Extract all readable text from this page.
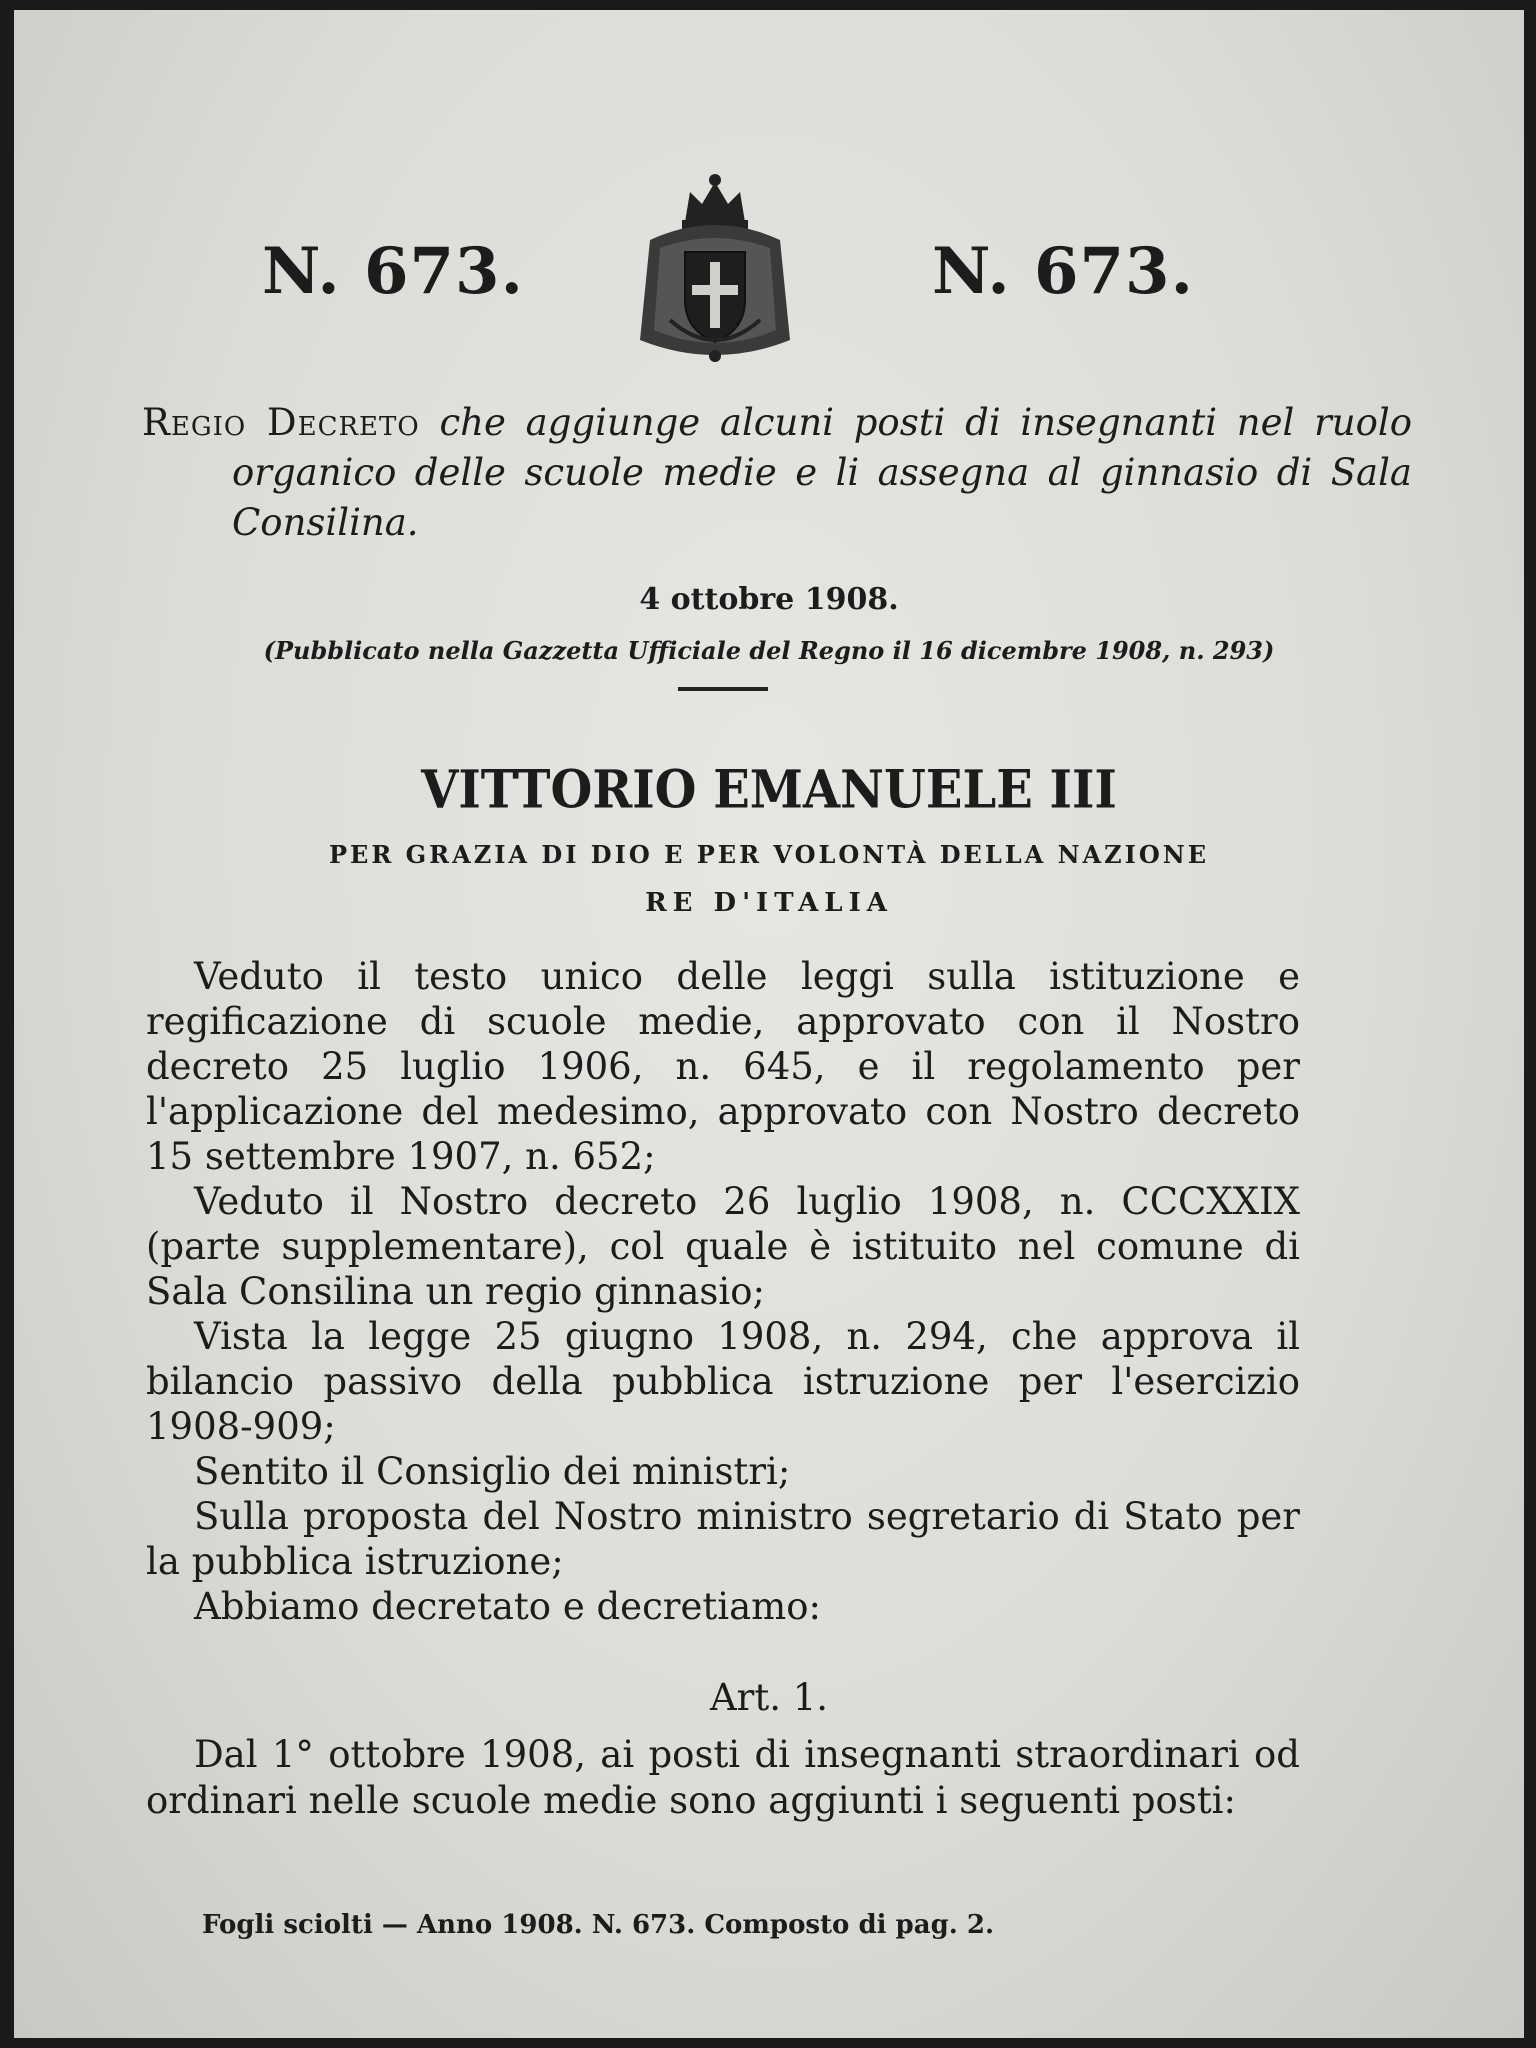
N. 673.	N. 673.
Regio Decreto che aggiunge alcuni posti di insegnanti nel ruolo organico delle scuole medie e li assegna al ginnasio di Sala Consilina.
4 ottobre 1908.
(Pubblicato nella Gazzetta Ufficiale del Regno il 16 dicembre 1908, n. 293)
VITTORIO EMANUELE III
PER GRAZIA DI DIO E PER VOLONTÀ DELLA NAZIONE
RE D'ITALIA

Veduto il testo unico delle leggi sulla istituzione e regificazione di scuole medie, approvato con il Nostro decreto 25 luglio 1906, n. 645, e il regolamento per l'applicazione del medesimo, approvato con Nostro decreto 15 settembre 1907, n. 652;

Veduto il Nostro decreto 26 luglio 1908, n. CCCXXIX (parte supplementare), col quale è istituito nel comune di Sala Consilina un regio ginnasio;

Vista la legge 25 giugno 1908, n. 294, che approva il bilancio passivo della pubblica istruzione per l'esercizio 1908-909;

Sentito il Consiglio dei ministri;

Sulla proposta del Nostro ministro segretario di Stato per la pubblica istruzione;

Abbiamo decretato e decretiamo:

Art. 1.

Dal 1° ottobre 1908, ai posti di insegnanti straordinari od ordinari nelle scuole medie sono aggiunti i seguenti posti:

Fogli sciolti — Anno 1908. N. 673. Composto di pag. 2.
